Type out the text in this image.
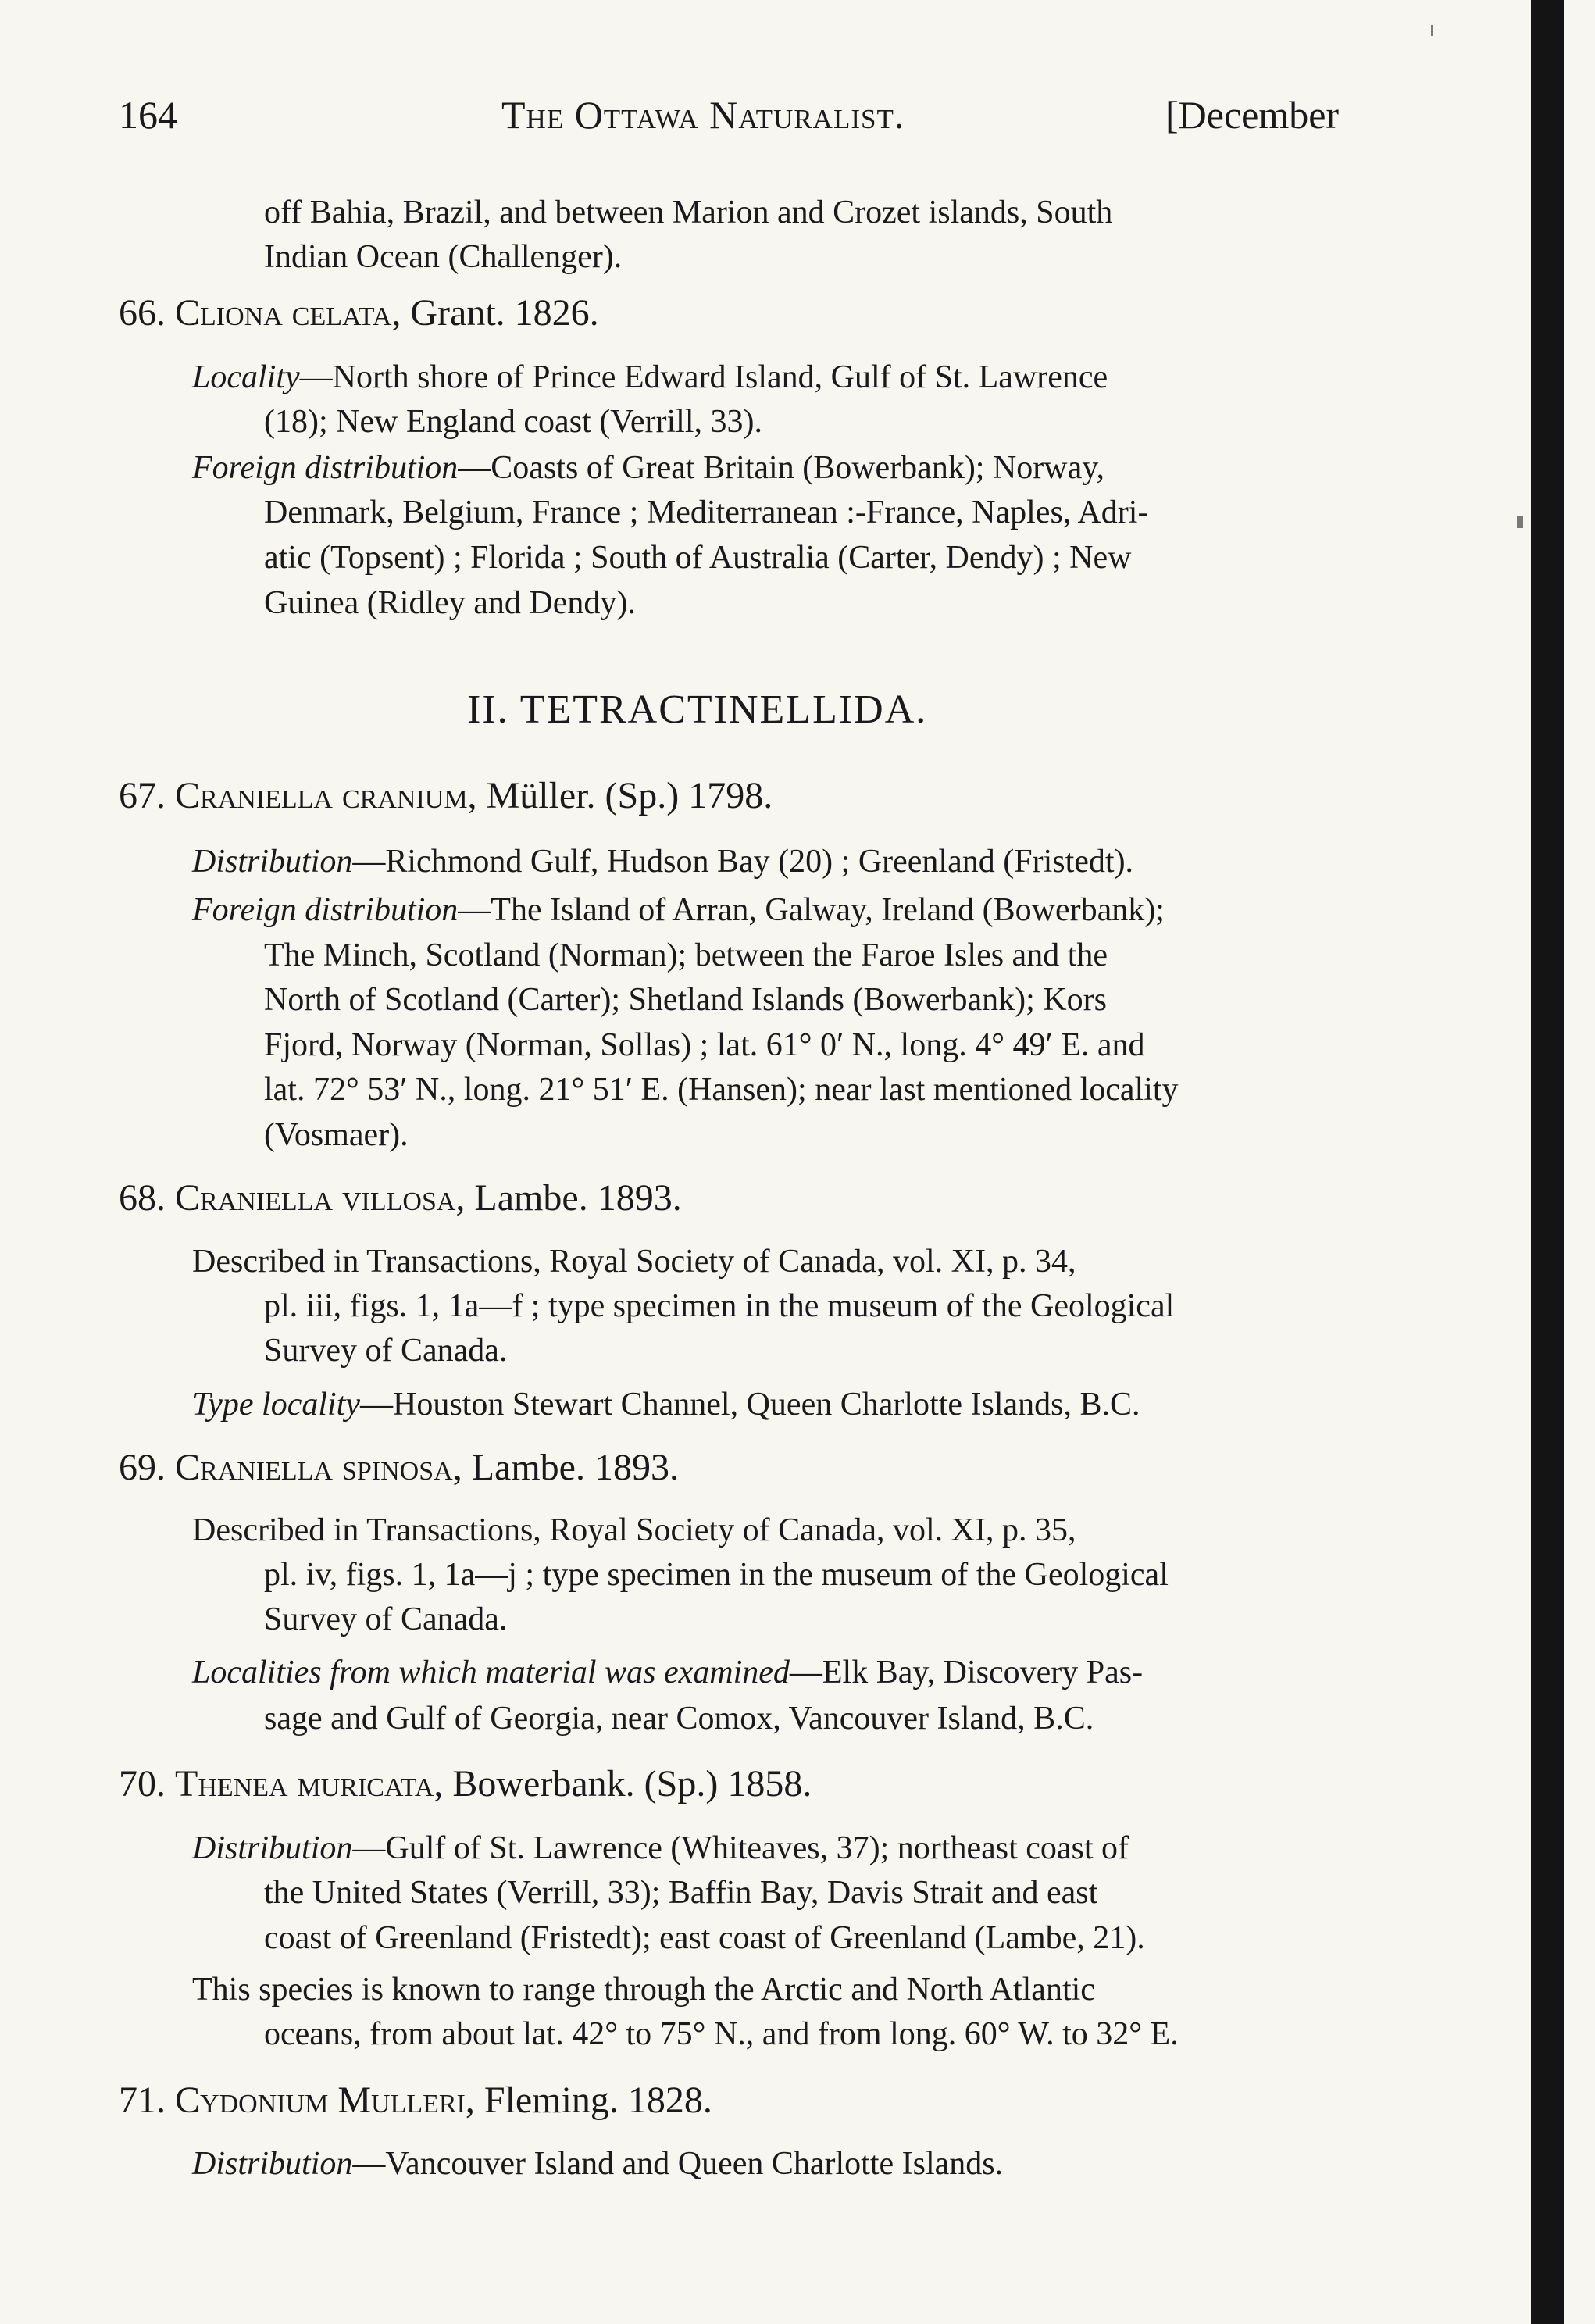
164	The Ottawa Naturalist.	[December

off Bahia, Brazil, and between Marion and Crozet islands, South

Indian Ocean (Challenger).

66. Cliona celata, Grant. 1826.

Locality—North shore of Prince Edward Island, Gulf of St. Lawrence

(18); New England coast (Verrill, 33).

Foreign distribution—Coasts of Great Britain (Bowerbank); Norway,

Denmark, Belgium, France ; Mediterranean :-France, Naples, Adri-

atic (Topsent) ; Florida ; South of Australia (Carter, Dendy) ; New

Guinea (Ridley and Dendy).

II. TETRACTINELLIDA.

67. Craniella cranium, Müller. (Sp.) 1798.

Distribution—Richmond Gulf, Hudson Bay (20) ; Greenland (Fristedt).

Foreign distribution—The Island of Arran, Galway, Ireland (Bowerbank);

The Minch, Scotland (Norman); between the Faroe Isles and the

North of Scotland (Carter); Shetland Islands (Bowerbank); Kors

Fjord, Norway (Norman, Sollas) ; lat. 61° 0′ N., long. 4° 49′ E. and

lat. 72° 53′ N., long. 21° 51′ E. (Hansen); near last mentioned locality

(Vosmaer).

68. Craniella villosa, Lambe. 1893.

Described in Transactions, Royal Society of Canada, vol. XI, p. 34,

pl. iii, figs. 1, 1a—f ; type specimen in the museum of the Geological

Survey of Canada.

Type locality—Houston Stewart Channel, Queen Charlotte Islands, B.C.

69. Craniella spinosa, Lambe. 1893.

Described in Transactions, Royal Society of Canada, vol. XI, p. 35,

pl. iv, figs. 1, 1a—j ; type specimen in the museum of the Geological

Survey of Canada.

Localities from which material was examined—Elk Bay, Discovery Pas-

sage and Gulf of Georgia, near Comox, Vancouver Island, B.C.

70. Thenea muricata, Bowerbank. (Sp.) 1858.

Distribution—Gulf of St. Lawrence (Whiteaves, 37); northeast coast of

the United States (Verrill, 33); Baffin Bay, Davis Strait and east

coast of Greenland (Fristedt); east coast of Greenland (Lambe, 21).

This species is known to range through the Arctic and North Atlantic

oceans, from about lat. 42° to 75° N., and from long. 60° W. to 32° E.

71. Cydonium Mulleri, Fleming. 1828.

Distribution—Vancouver Island and Queen Charlotte Islands.
